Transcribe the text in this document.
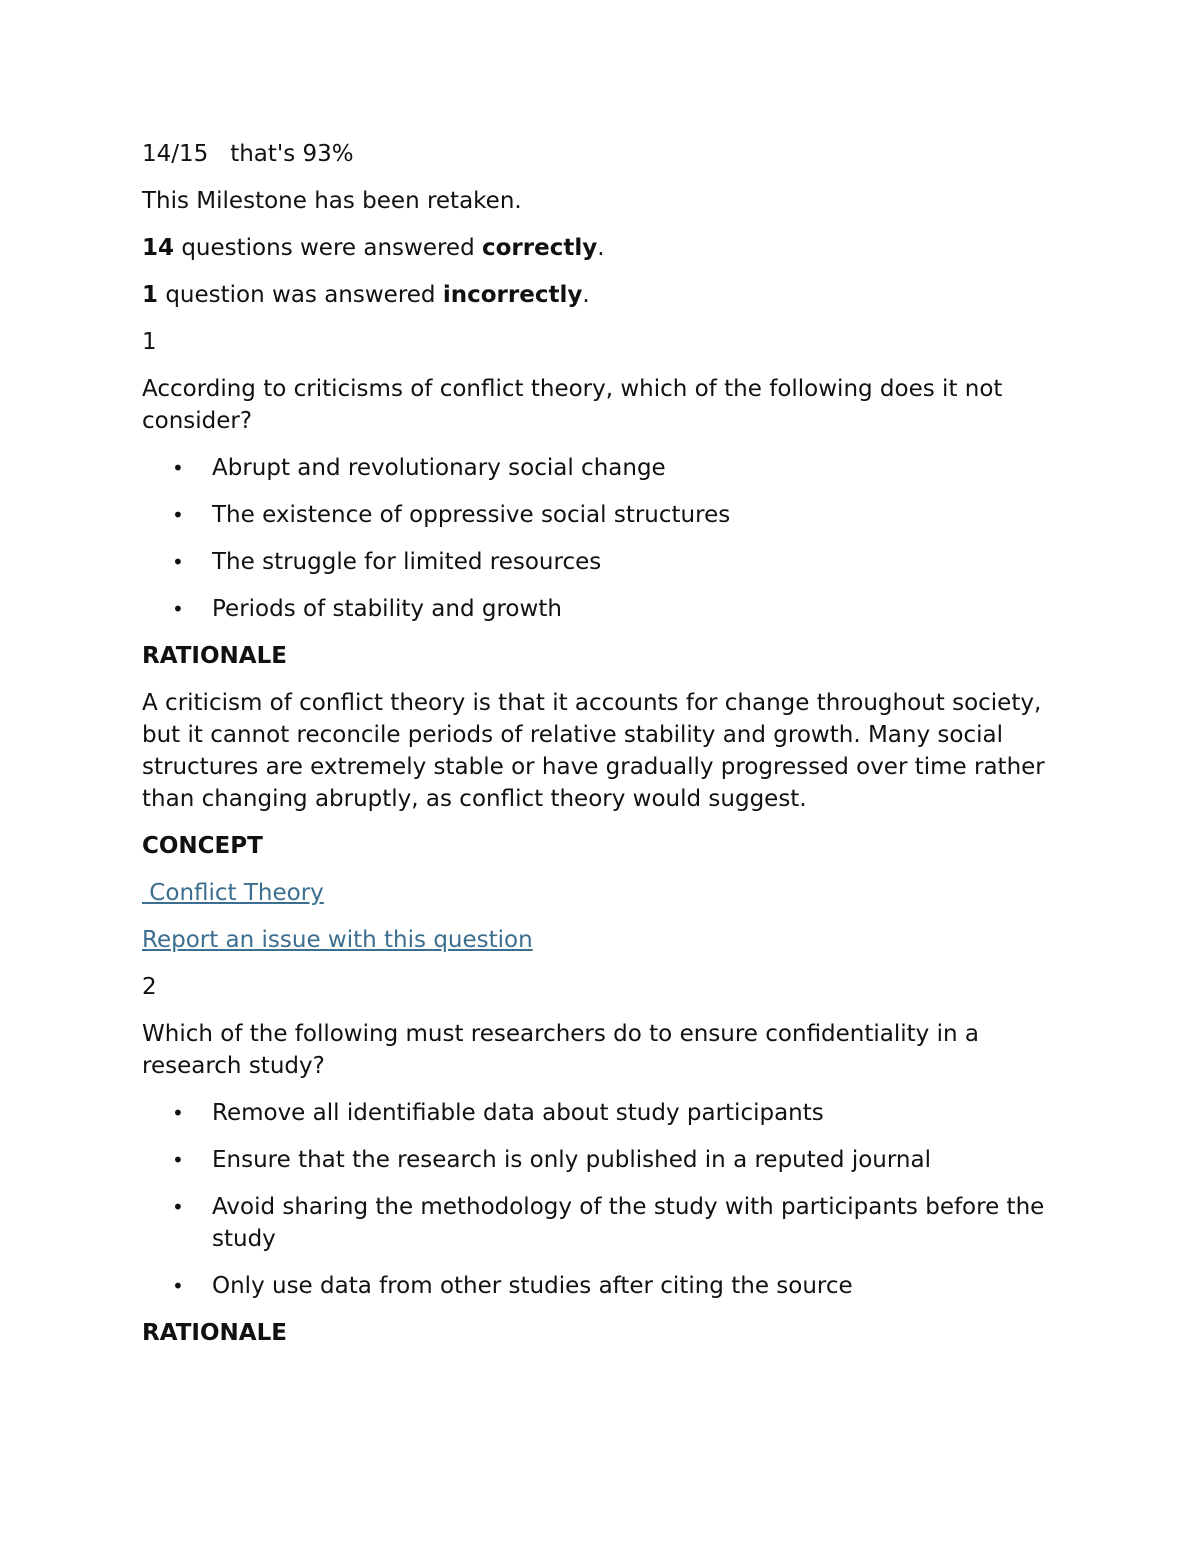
14/15   that's 93%

This Milestone has been retaken.

14 questions were answered correctly.

1 question was answered incorrectly.

1

According to criticisms of conflict theory, which of the following does it not consider?

• Abrupt and revolutionary social change
• The existence of oppressive social structures
• The struggle for limited resources
• Periods of stability and growth

RATIONALE

A criticism of conflict theory is that it accounts for change throughout society, but it cannot reconcile periods of relative stability and growth. Many social structures are extremely stable or have gradually progressed over time rather than changing abruptly, as conflict theory would suggest.

CONCEPT

Conflict Theory

Report an issue with this question

2

Which of the following must researchers do to ensure confidentiality in a research study?

• Remove all identifiable data about study participants
• Ensure that the research is only published in a reputed journal
• Avoid sharing the methodology of the study with participants before the study
• Only use data from other studies after citing the source

RATIONALE
